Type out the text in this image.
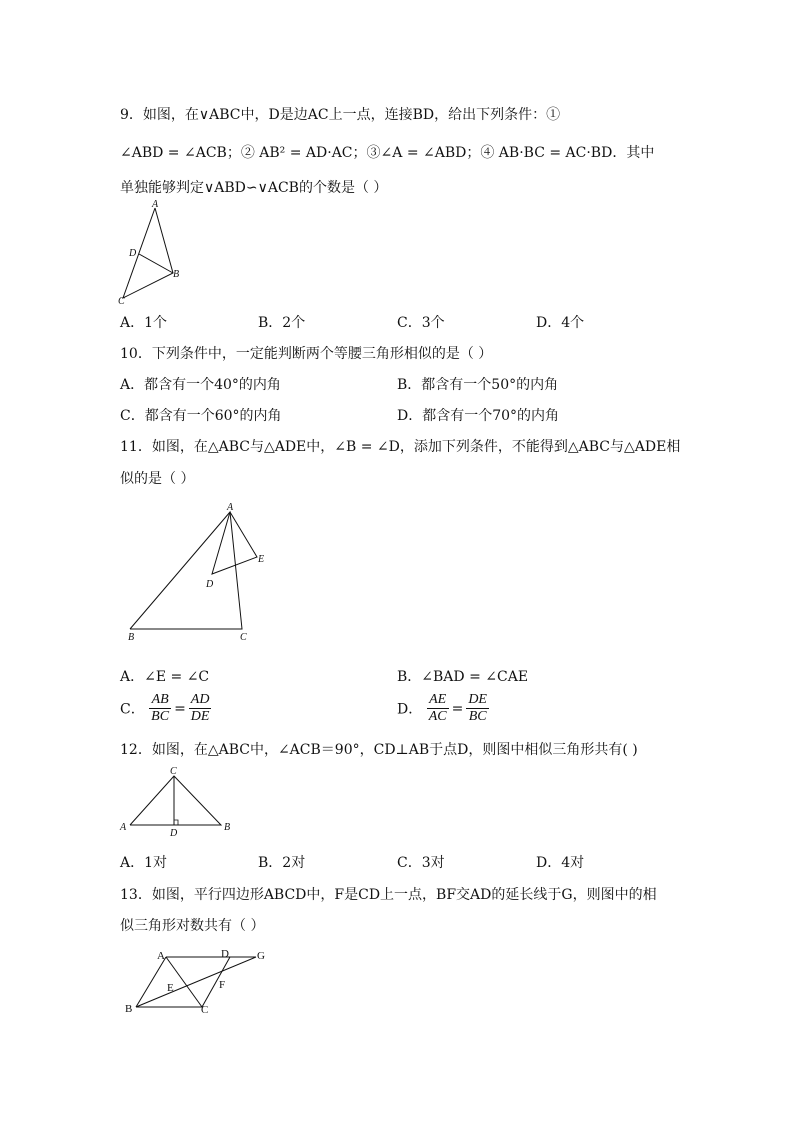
9．如图，在∨ABC中，D是边AC上一点，连接BD，给出下列条件：①
∠ABD = ∠ACB；② AB² = AD·AC；③∠A = ∠ABD；④ AB·BC = AC·BD．其中
单独能够判定∨ABD∽∨ACB的个数是（ ）
A
D
B
C
A．1个	B．2个	C．3个	D．4个
10．下列条件中，一定能判断两个等腰三角形相似的是（ ）
A．都含有一个40°的内角	B．都含有一个50°的内角
C．都含有一个60°的内角	D．都含有一个70°的内角
11．如图，在△ABC与△ADE中，∠B = ∠D，添加下列条件，不能得到△ABC与△ADE相
似的是（ ）
A
E
D
B	C
A．∠E = ∠C	B．∠BAD = ∠CAE
C． $\frac{AB}{BC} = \frac{AD}{DE}$	D． $\frac{AE}{AC} = \frac{DE}{BC}$
12．如图，在△ABC中，∠ACB＝90°，CD⊥AB于点D，则图中相似三角形共有( )
C
A
D
B
A．1对	B．2对	C．3对	D．4对
13．如图，平行四边形ABCD中，F是CD上一点，BF交AD的延长线于G，则图中的相
似三角形对数共有（ ）
A	D	G
E	F
B	C
